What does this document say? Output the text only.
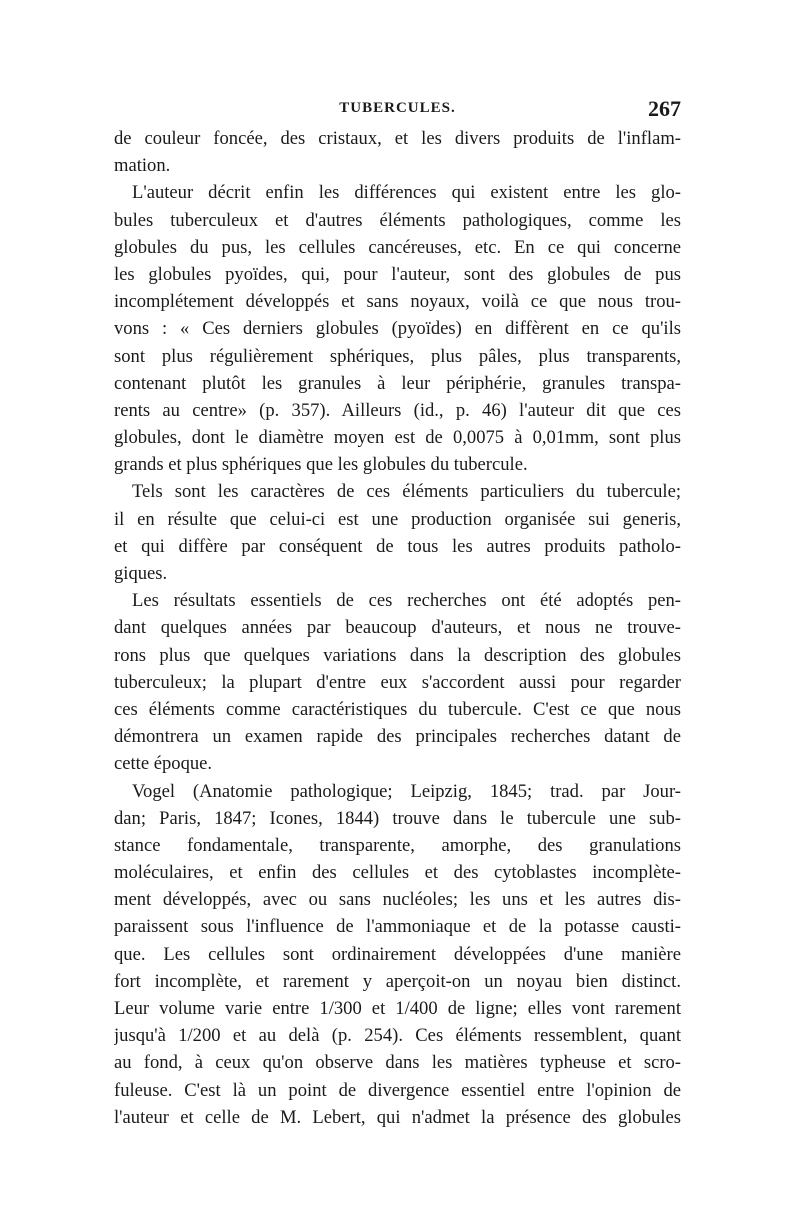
TUBERCULES.	267
de couleur foncée, des cristaux, et les divers produits de l'inflam-
mation.
L'auteur décrit enfin les différences qui existent entre les glo-
bules tuberculeux et d'autres éléments pathologiques, comme les
globules du pus, les cellules cancéreuses, etc. En ce qui concerne
les globules pyoïdes, qui, pour l'auteur, sont des globules de pus
incomplétement développés et sans noyaux, voilà ce que nous trou-
vons : « Ces derniers globules (pyoïdes) en diffèrent en ce qu'ils
sont plus régulièrement sphériques, plus pâles, plus transparents,
contenant plutôt les granules à leur périphérie, granules transpa-
rents au centre» (p. 357). Ailleurs (id., p. 46) l'auteur dit que ces
globules, dont le diamètre moyen est de 0,0075 à 0,01mm, sont plus
grands et plus sphériques que les globules du tubercule.
Tels sont les caractères de ces éléments particuliers du tubercule;
il en résulte que celui-ci est une production organisée sui generis,
et qui diffère par conséquent de tous les autres produits patholo-
giques.
Les résultats essentiels de ces recherches ont été adoptés pen-
dant quelques années par beaucoup d'auteurs, et nous ne trouve-
rons plus que quelques variations dans la description des globules
tuberculeux; la plupart d'entre eux s'accordent aussi pour regarder
ces éléments comme caractéristiques du tubercule. C'est ce que nous
démontrera un examen rapide des principales recherches datant de
cette époque.
Vogel (Anatomie pathologique; Leipzig, 1845; trad. par Jour-
dan; Paris, 1847; Icones, 1844) trouve dans le tubercule une sub-
stance fondamentale, transparente, amorphe, des granulations
moléculaires, et enfin des cellules et des cytoblastes incomplète-
ment développés, avec ou sans nucléoles; les uns et les autres dis-
paraissent sous l'influence de l'ammoniaque et de la potasse causti-
que. Les cellules sont ordinairement développées d'une manière
fort incomplète, et rarement y aperçoit-on un noyau bien distinct.
Leur volume varie entre 1/300 et 1/400 de ligne; elles vont rarement
jusqu'à 1/200 et au delà (p. 254). Ces éléments ressemblent, quant
au fond, à ceux qu'on observe dans les matières typheuse et scro-
fuleuse. C'est là un point de divergence essentiel entre l'opinion de
l'auteur et celle de M. Lebert, qui n'admet la présence des globules
